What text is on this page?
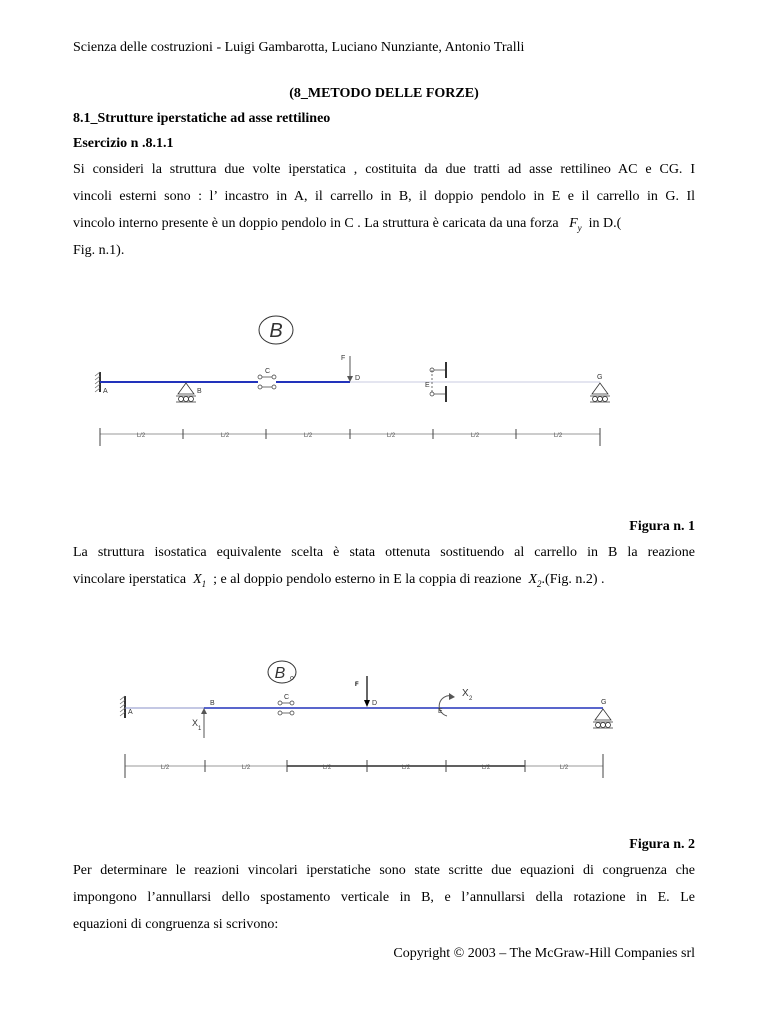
Scienza delle costruzioni - Luigi Gambarotta, Luciano Nunziante, Antonio Tralli
(8_METODO DELLE FORZE)
8.1_Strutture iperstatiche ad asse rettilineo
Esercizio n .8.1.1
Si consideri la struttura due volte iperstatica , costituita da due tratti ad asse rettilineo AC e CG. I
vincoli esterni sono : l’ incastro in A, il carrello in B, il doppio pendolo in E e il carrello in G. Il
vincolo interno presente è un doppio pendolo in C . La struttura è caricata da una forza $F_y$ in D.(
Fig. n.1).
B
A	B
C
F
D
E
G
L/2	L/2	L/2	L/2	L/2	L/2
Figura n. 1
La struttura isostatica equivalente scelta è stata ottenuta sostituendo al carrello in B la reazione
vincolare iperstatica $X_1$ ; e al doppio pendolo esterno in E la coppia di reazione $X_2.(Fig$. n.2) .
B o
A
X
1
B
C
F
D
X 2
E
G
L/2	L/2	L/2	L/2	L/2	L/2
Figura n. 2
Per determinare le reazioni vincolari iperstatiche sono state scritte due equazioni di congruenza che
impongono l’annullarsi dello spostamento verticale in B, e l’annullarsi della rotazione in E. Le
equazioni di congruenza si scrivono:
Copyright © 2003 – The McGraw-Hill Companies srl
